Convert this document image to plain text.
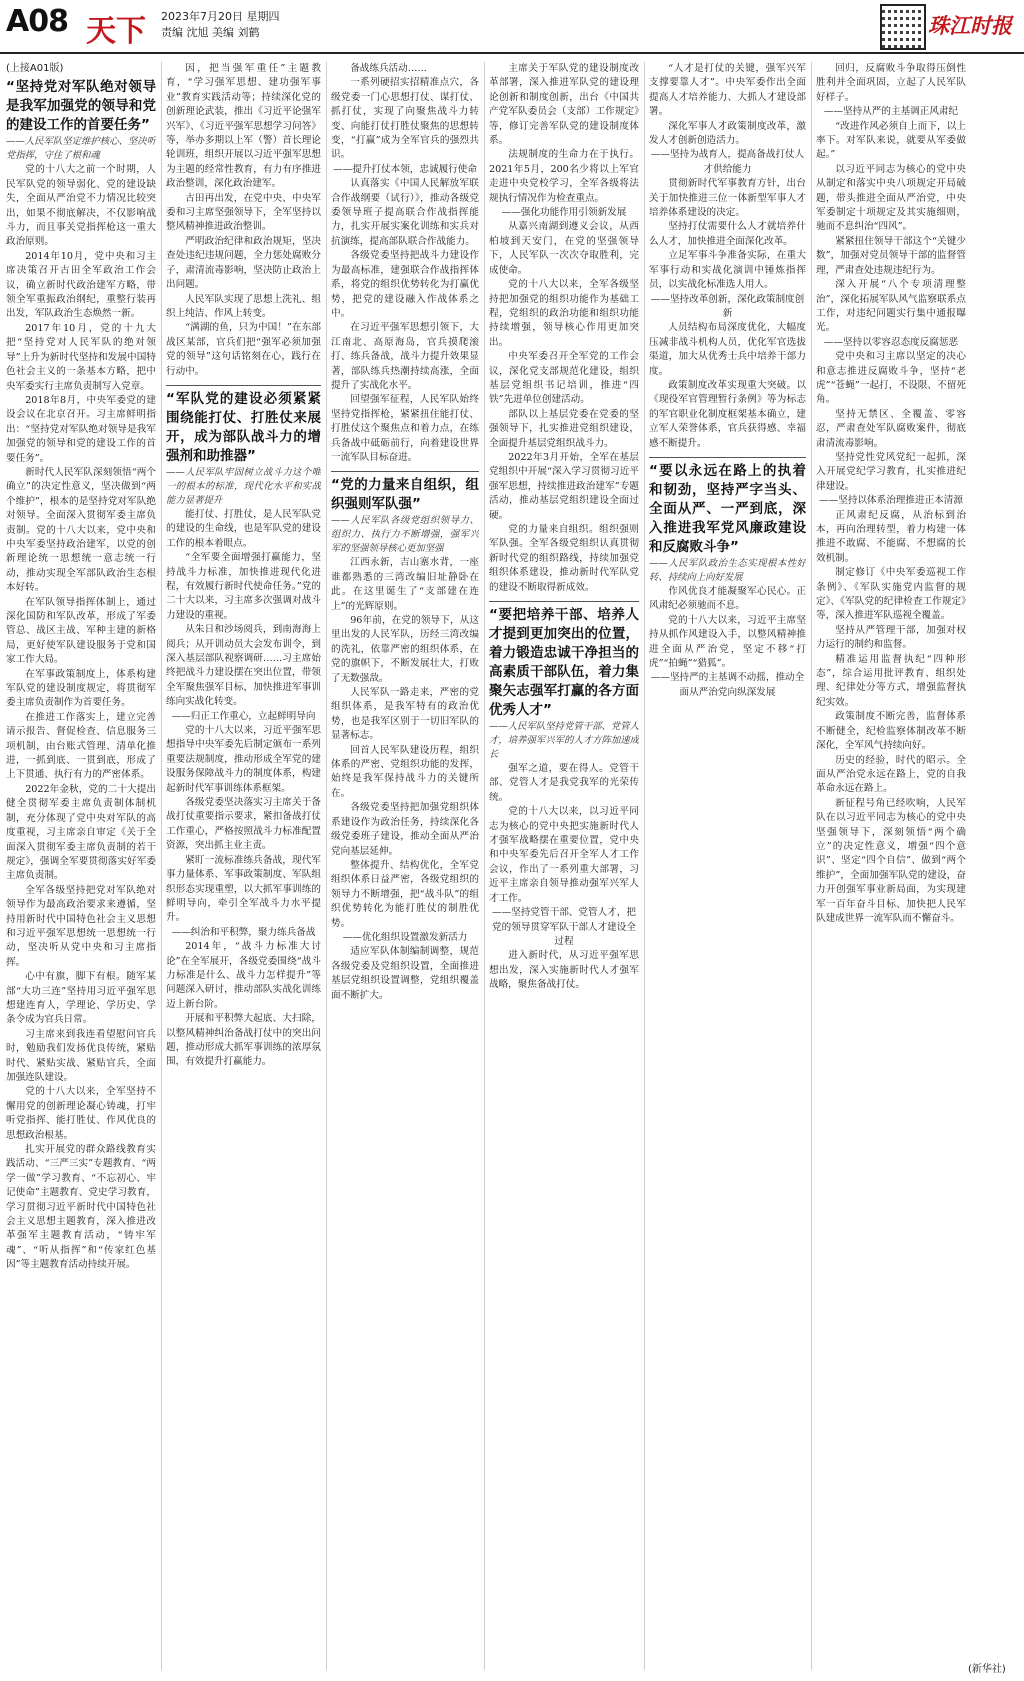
A08 天下 2023年7月20日 星期四
责编 沈旭 美编 刘鹤	珠江时报
(上接A01版)

“坚持党对军队绝对领导是我军加强党的领导和党的建设工作的首要任务”

——人民军队坚定维护核心、坚决听党指挥，守住了根和魂

党的十八大之前一个时期，人民军队党的领导弱化、党的建设缺失，全面从严治党不力情况比较突出，如果不彻底解决，不仅影响战斗力，而且事关党指挥枪这一重大政治原则。

2014年10月，党中央和习主席决策召开古田全军政治工作会议，确立新时代政治建军方略，带领全军重振政治纲纪，重整行装再出发，军队政治生态焕然一新。

2017年10月，党的十九大把“坚持党对人民军队的绝对领导”上升为新时代坚持和发展中国特色社会主义的一条基本方略，把中央军委实行主席负责制写入党章。

2018年8月，中央军委党的建设会议在北京召开。习主席鲜明指出：“坚持党对军队绝对领导是我军加强党的领导和党的建设工作的首要任务”。

新时代人民军队深刻领悟“两个确立”的决定性意义，坚决做到“两个维护”，根本的是坚持党对军队绝对领导。全面深入贯彻军委主席负责制。党的十八大以来，党中央和中央军委坚持政治建军，以党的创新理论统一思想统一意志统一行动，推动实现全军部队政治生态根本好转。

在军队领导指挥体制上，通过深化国防和军队改革，形成了军委管总、战区主战、军种主建的新格局，更好使军队建设服务于党和国家工作大局。

在军事政策制度上，体系构建军队党的建设制度规定，将贯彻军委主席负责制作为首要任务。

在推进工作落实上，建立完善请示报告、督促检查、信息服务三项机制，由台账式管理、清单化推进，一抓到底、一贯到底，形成了上下贯通、执行有力的严密体系。

2022年金秋，党的二十大提出健全贯彻军委主席负责制体制机制，充分体现了党中央对军队的高度重视，习主席亲自审定《关于全面深入贯彻军委主席负责制的若干规定》，强调全军要贯彻落实好军委主席负责制。

全军各级坚持把党对军队绝对领导作为最高政治要求来遵循，坚持用新时代中国特色社会主义思想和习近平强军思想统一思想统一行动，坚决听从党中央和习主席指挥。

心中有旗，脚下有根。随军某部“大功三连”坚持用习近平强军思想建连育人，学理论、学历史、学条令成为官兵日常。

习主席来到我连看望慰问官兵时，勉励我们发扬优良传统，紧贴时代、紧贴实战、紧贴官兵，全面加强连队建设。

党的十八大以来，全军坚持不懈用党的创新理论凝心铸魂，打牢听党指挥、能打胜仗、作风优良的思想政治根基。

扎实开展党的群众路线教育实践活动、“三严三实”专题教育、“两学一做”学习教育、“不忘初心、牢记使命”主题教育、党史学习教育，学习贯彻习近平新时代中国特色社会主义思想主题教育，深入推进改革强军主题教育活动，“铸牢军魂”、“听从指挥”和“传家红色基因”等主题教育活动持续开展。

因，把当强军重任”主题教育，“学习强军思想、建功强军事业”教育实践活动等；持续深化党的创新理论武装，推出《习近平论强军兴军》、《习近平强军思想学习问答》等，举办多期以上军（警）首长理论轮训班，组织开展以习近平强军思想为主题的经常性教育，有力有序推进政治整训，深化政治建军。

古田再出发，在党中央、中央军委和习主席坚强领导下，全军坚持以整风精神推进政治整训。

严明政治纪律和政治规矩，坚决查处违纪违规问题，全力惩处腐败分子，肃清流毒影响，坚决防止政治上出问题。

人民军队实现了思想上洗礼、组织上纯洁、作风上转变。

“满湖的鱼，只为中国！”在东部战区某部，官兵们把“强军必须加强党的领导”这句话铭刻在心，践行在行动中。

“军队党的建设必须紧紧围绕能打仗、打胜仗来展开，成为部队战斗力的增强剂和助推器”

——人民军队牢固树立战斗力这个唯一的根本的标准，现代化水平和实战能力显著提升

能打仗、打胜仗，是人民军队党的建设的生命线，也是军队党的建设工作的根本着眼点。

“全军要全面增强打赢能力，坚持战斗力标准，加快推进现代化进程，有效履行新时代使命任务。”党的二十大以来，习主席多次强调对战斗力建设的重视。

从朱日和沙场阅兵，到南海海上阅兵；从开训动员大会发布训令，到深入基层部队视察调研……习主席始终把战斗力建设摆在突出位置，带领全军聚焦强军目标，加快推进军事训练向实战化转变。

——归正工作重心，立起鲜明导向

党的十八大以来，习近平强军思想指导中央军委先后制定颁布一系列重要法规制度，推动形成全军党的建设服务保障战斗力的制度体系，构建起新时代军事训练体系框架。

各级党委坚决落实习主席关于备战打仗重要指示要求，紧扣备战打仗工作重心，严格按照战斗力标准配置资源，突出抓主业主责。

紧盯一流标准练兵备战，现代军事力量体系、军事政策制度、军队组织形态实现重塑，以大抓军事训练的鲜明导向，牵引全军战斗力水平提升。

——纠治和平积弊，聚力练兵备战

2014年，“战斗力标准大讨论”在全军展开，各级党委围绕“战斗力标准是什么、战斗力怎样提升”等问题深入研讨，推动部队实战化训练迈上新台阶。

开展和平积弊大起底、大扫除，以整风精神纠治备战打仗中的突出问题，推动形成大抓军事训练的浓厚氛围，有效提升打赢能力。

备战练兵活动……

一系列硬招实招精准点穴，各级党委一门心思想打仗、谋打仗、抓打仗，实现了向聚焦战斗力转变、向能打仗打胜仗聚焦的思想转变，“打赢”成为全军官兵的强烈共识。

——提升打仗本领，忠诚履行使命

认真落实《中国人民解放军联合作战纲要（试行）》，推动各级党委领导班子提高联合作战指挥能力，扎实开展实案化训练和实兵对抗演练，提高部队联合作战能力。

各级党委坚持把战斗力建设作为最高标准，建强联合作战指挥体系，将党的组织优势转化为打赢优势，把党的建设融入作战体系之中。

在习近平强军思想引领下，大江南北、高原海岛，官兵摸爬滚打、练兵备战，战斗力提升效果显著，部队练兵热潮持续高涨，全面提升了实战化水平。

回望强军征程，人民军队始终坚持党指挥枪，紧紧扭住能打仗、打胜仗这个聚焦点和着力点，在练兵备战中砥砺前行，向着建设世界一流军队目标奋进。

“党的力量来自组织，组织强则军队强”

——人民军队各级党组织领导力、组织力、执行力不断增强，强军兴军的坚强领导核心更加坚强

江西永新，吉山寨水背，一座谁都熟悉的三湾改编旧址静卧在此。在这里诞生了“支部建在连上”的光辉原则。

96年前，在党的领导下，从这里出发的人民军队，历经三湾改编的洗礼，依靠严密的组织体系，在党的旗帜下，不断发展壮大，打败了无数强敌。

人民军队一路走来，严密的党组织体系，是我军特有的政治优势，也是我军区别于一切旧军队的显著标志。

回首人民军队建设历程，组织体系的严密、党组织功能的发挥，始终是我军保持战斗力的关键所在。

各级党委坚持把加强党组织体系建设作为政治任务，持续深化各级党委班子建设，推动全面从严治党向基层延伸。

整体提升、结构优化，全军党组织体系日益严密，各级党组织的领导力不断增强，把“战斗队”的组织优势转化为能打胜仗的制胜优势。

——优化组织设置激发新活力

适应军队体制编制调整，规范各级党委及党组织设置，全面推进基层党组织设置调整，党组织覆盖面不断扩大。

主席关于军队党的建设制度改革部署，深入推进军队党的建设理论创新和制度创新，出台《中国共产党军队委员会（支部）工作规定》等，修订完善军队党的建设制度体系。

法规制度的生命力在于执行。2021年5月，200名少将以上军官走进中央党校学习，全军各级将法规执行情况作为检查重点。

——强化功能作用引领新发展

从嘉兴南湖到遵义会议，从西柏坡到天安门，在党的坚强领导下，人民军队一次次夺取胜利，完成使命。

党的十八大以来，全军各级坚持把加强党的组织功能作为基础工程，党组织的政治功能和组织功能持续增强，领导核心作用更加突出。

中央军委召开全军党的工作会议，深化党支部规范化建设，组织基层党组织书记培训，推进“四铁”先进单位创建活动。

部队以上基层党委在党委的坚强领导下，扎实推进党组织建设，全面提升基层党组织战斗力。

2022年3月开始，全军在基层党组织中开展“深入学习贯彻习近平强军思想，持续推进政治建军”专题活动，推动基层党组织建设全面过硬。

党的力量来自组织。组织强则军队强。全军各级党组织认真贯彻新时代党的组织路线，持续加强党组织体系建设，推动新时代军队党的建设不断取得新成效。

“要把培养干部、培养人才提到更加突出的位置，着力锻造忠诚干净担当的高素质干部队伍，着力集聚矢志强军打赢的各方面优秀人才”

——人民军队坚持党管干部、党管人才，培养强军兴军的人才方阵加速成长

强军之道，要在得人。党管干部、党管人才是我党我军的光荣传统。

党的十八大以来，以习近平同志为核心的党中央把实施新时代人才强军战略摆在重要位置，党中央和中央军委先后召开全军人才工作会议，作出了一系列重大部署，习近平主席亲自领导推动强军兴军人才工作。

——坚持党管干部、党管人才，把党的领导贯穿军队干部人才建设全过程

进入新时代，从习近平强军思想出发，深入实施新时代人才强军战略，聚焦备战打仗。

“人才是打仗的关键，强军兴军支撑要靠人才”。中央军委作出全面提高人才培养能力、大抓人才建设部署。

深化军事人才政策制度改革，激发人才创新创造活力。

——坚持为战育人，提高备战打仗人才供给能力

贯彻新时代军事教育方针，出台关于加快推进三位一体新型军事人才培养体系建设的决定。

坚持打仗需要什么人才就培养什么人才，加快推进全面深化改革。

立足军事斗争准备实际，在重大军事行动和实战化演训中锤炼指挥员，以实战化标准选人用人。

——坚持改革创新，深化政策制度创新

人员结构布局深度优化，大幅度压减非战斗机构人员，优化军官选拔渠道，加大从优秀士兵中培养干部力度。

政策制度改革实现重大突破。以《现役军官管理暂行条例》等为标志的军官职业化制度框架基本确立，建立军人荣誉体系，官兵获得感、幸福感不断提升。

“要以永远在路上的执着和韧劲，坚持严字当头、全面从严、一严到底，深入推进我军党风廉政建设和反腐败斗争”

——人民军队政治生态实现根本性好转、持续向上向好发展

作风优良才能凝聚军心民心。正风肃纪必须驰而不息。

党的十八大以来，习近平主席坚持从抓作风建设入手，以整风精神推进全面从严治党，坚定不移“打虎”“拍蝇”“猎狐”。

——坚持严的主基调不动摇，推动全面从严治党向纵深发展

回归，反腐败斗争取得压倒性胜利并全面巩固，立起了人民军队好样子。

——坚持从严的主基调正风肃纪

“改进作风必须自上而下，以上率下。对军队来说，就要从军委做起。”

以习近平同志为核心的党中央从制定和落实中央八项规定开局破题，带头推进全面从严治党，中央军委制定十项规定及其实施细则，驰而不息纠治“四风”。

紧紧扭住领导干部这个“关键少数”，加强对党员领导干部的监督管理，严肃查处违规违纪行为。

深入开展“八个专项清理整治”，深化拓展军队风气监察联系点工作，对违纪问题实行集中通报曝光。

——坚持以零容忍态度反腐惩恶

党中央和习主席以坚定的决心和意志推进反腐败斗争，坚持“老虎”“苍蝇”一起打，不设限、不留死角。

坚持无禁区、全覆盖、零容忍，严肃查处军队腐败案件，彻底肃清流毒影响。

坚持党性党风党纪一起抓，深入开展党纪学习教育，扎实推进纪律建设。

——坚持以体系治理推进正本清源

正风肃纪反腐，从治标到治本，再向治理转型，着力构建一体推进不敢腐、不能腐、不想腐的长效机制。

制定修订《中央军委巡视工作条例》、《军队实施党内监督的规定》、《军队党的纪律检查工作规定》等，深入推进军队巡视全覆盖。

坚持从严管理干部，加强对权力运行的制约和监督。

精准运用监督执纪“四种形态”，综合运用批评教育、组织处理、纪律处分等方式，增强监督执纪实效。

政策制度不断完善，监督体系不断健全，纪检监察体制改革不断深化，全军风气持续向好。

历史的经验，时代的昭示。全面从严治党永远在路上，党的自我革命永远在路上。

新征程号角已经吹响，人民军队在以习近平同志为核心的党中央坚强领导下，深刻领悟“两个确立”的决定性意义，增强“四个意识”、坚定“四个自信”、做到“两个维护”，全面加强军队党的建设，奋力开创强军事业新局面，为实现建军一百年奋斗目标、加快把人民军队建成世界一流军队而不懈奋斗。

(新华社)
